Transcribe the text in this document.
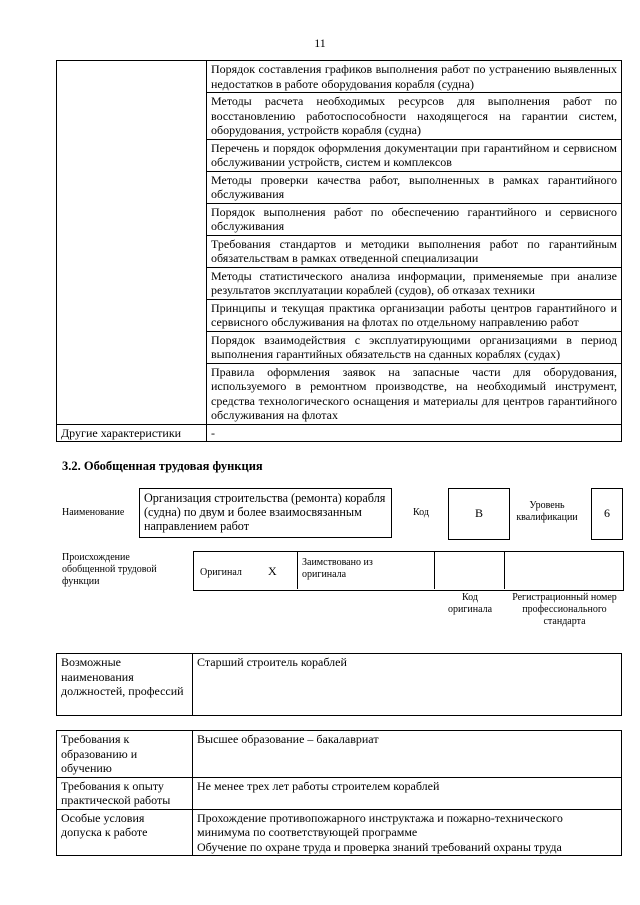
11
	Порядок составления графиков выполнения работ по устранению выявленных недостатков в работе оборудования корабля (судна)
	Методы расчета необходимых ресурсов для выполнения работ по восстановлению работоспособности находящегося на гарантии систем, оборудования, устройств корабля (судна)
	Перечень и порядок оформления документации при гарантийном и сервисном обслуживании устройств, систем и комплексов
	Методы проверки качества работ, выполненных в рамках гарантийного обслуживания
	Порядок выполнения работ по обеспечению гарантийного и сервисного обслуживания
	Требования стандартов и методики выполнения работ по гарантийным обязательствам в рамках отведенной специализации
	Методы статистического анализа информации, применяемые при анализе результатов эксплуатации кораблей (судов), об отказах техники
	Принципы и текущая практика организации работы центров гарантийного и сервисного обслуживания на флотах по отдельному направлению работ
	Порядок взаимодействия с эксплуатирующими организациями в период выполнения гарантийных обязательств на сданных кораблях (судах)
	Правила оформления заявок на запасные части для оборудования, используемого в ремонтном производстве, на необходимый инструмент, средства технологического оснащения и материалы для центров гарантийного обслуживания на флотах
Другие характеристики	-
3.2. Обобщенная трудовая функция
Наименование
Организация строительства (ремонта) корабля (судна) по двум и более взаимосвязанным направлением работ
Код	B
Уровень квалификации	6
Происхождение обобщенной трудовой функции
Оригинал X
Заимствовано из оригинала
Код оригинала
Регистрационный номер профессионального стандарта
Возможные наименования должностей, профессий	Старший строитель кораблей
Требования к образованию и обучению	Высшее образование – бакалавриат
Требования к опыту практической работы	Не менее трех лет работы строителем кораблей
Особые условия допуска к работе	Прохождение противопожарного инструктажа и пожарно-технического минимума по соответствующей программе
Обучение по охране труда и проверка знаний требований охраны труда
